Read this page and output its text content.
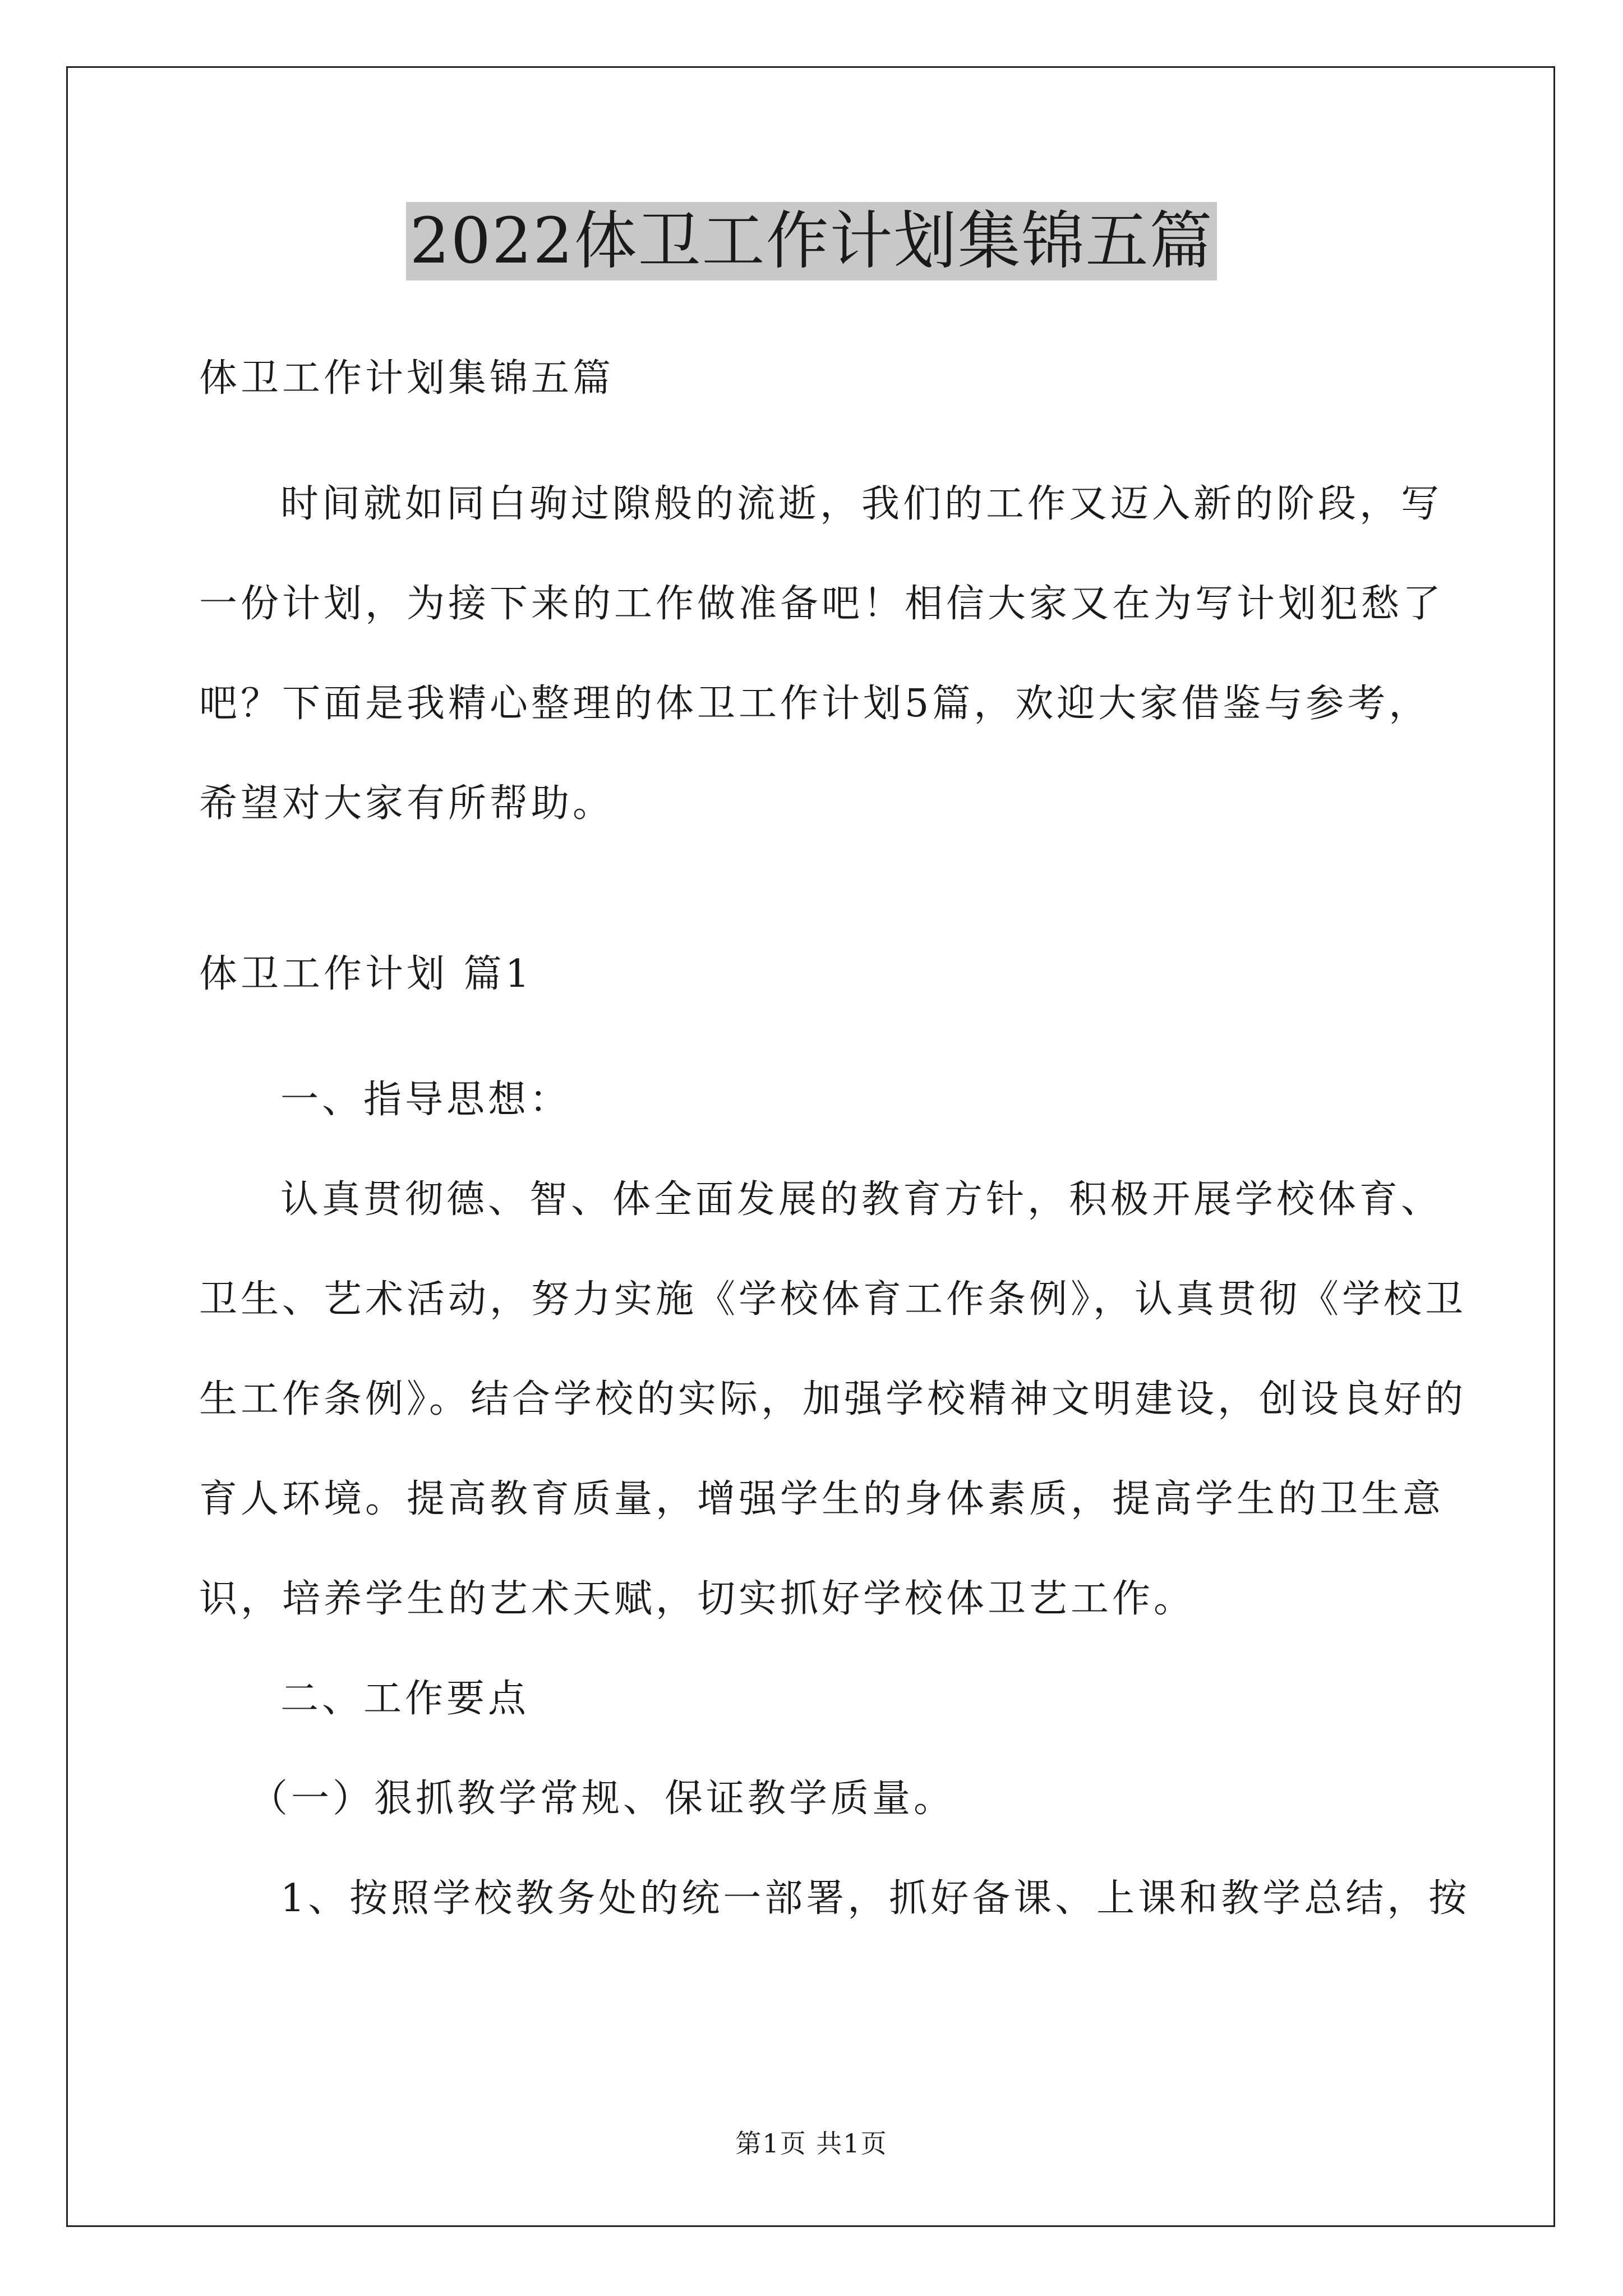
2022体卫工作计划集锦五篇

体卫工作计划集锦五篇

时间就如同白驹过隙般的流逝，我们的工作又迈入新的阶段，写

一份计划，为接下来的工作做准备吧！相信大家又在为写计划犯愁了

吧？下面是我精心整理的体卫工作计划5篇，欢迎大家借鉴与参考，

希望对大家有所帮助。

体卫工作计划 篇1

一、指导思想：

认真贯彻德、智、体全面发展的教育方针，积极开展学校体育、

卫生、艺术活动，努力实施《学校体育工作条例》，认真贯彻《学校卫

生工作条例》。结合学校的实际，加强学校精神文明建设，创设良好的

育人环境。提高教育质量，增强学生的身体素质，提高学生的卫生意

识，培养学生的艺术天赋，切实抓好学校体卫艺工作。

二、工作要点

（一）狠抓教学常规、保证教学质量。

1、按照学校教务处的统一部署，抓好备课、上课和教学总结，按

第1页 共1页
